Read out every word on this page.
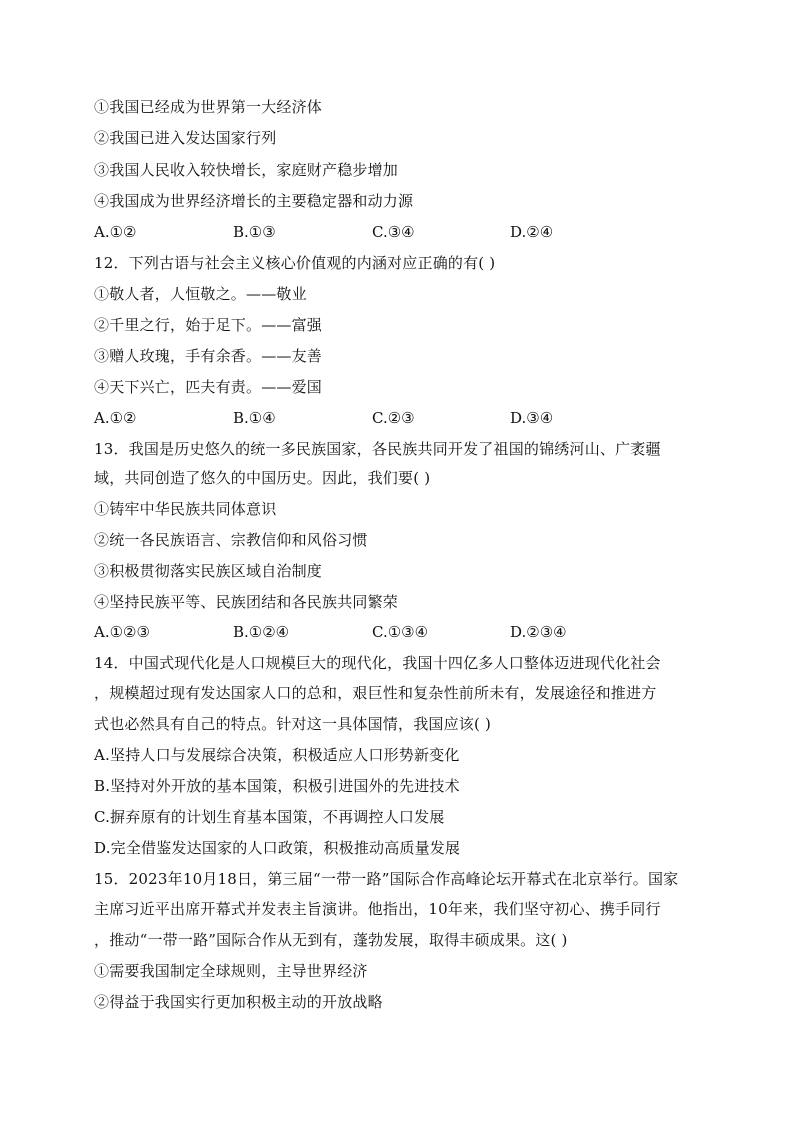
①我国已经成为世界第一大经济体
②我国已进入发达国家行列
③我国人民收入较快增长，家庭财产稳步增加
④我国成为世界经济增长的主要稳定器和动力源
A.①②	B.①③	C.③④	D.②④
12．下列古语与社会主义核心价值观的内涵对应正确的有( )
①敬人者，人恒敬之。——敬业
②千里之行，始于足下。——富强
③赠人玫瑰，手有余香。——友善
④天下兴亡，匹夫有责。——爱国
A.①②	B.①④	C.②③	D.③④
13．我国是历史悠久的统一多民族国家，各民族共同开发了祖国的锦绣河山、广袤疆
域，共同创造了悠久的中国历史。因此，我们要( )
①铸牢中华民族共同体意识
②统一各民族语言、宗教信仰和风俗习惯
③积极贯彻落实民族区域自治制度
④坚持民族平等、民族团结和各民族共同繁荣
A.①②③	B.①②④	C.①③④	D.②③④
14．中国式现代化是人口规模巨大的现代化，我国十四亿多人口整体迈进现代化社会
，规模超过现有发达国家人口的总和，艰巨性和复杂性前所未有，发展途径和推进方
式也必然具有自己的特点。针对这一具体国情，我国应该( )
A.坚持人口与发展综合决策，积极适应人口形势新变化
B.坚持对外开放的基本国策，积极引进国外的先进技术
C.摒弃原有的计划生育基本国策，不再调控人口发展
D.完全借鉴发达国家的人口政策，积极推动高质量发展
15．2023年10月18日，第三届“一带一路”国际合作高峰论坛开幕式在北京举行。国家
主席习近平出席开幕式并发表主旨演讲。他指出，10年来，我们坚守初心、携手同行
，推动“一带一路”国际合作从无到有，蓬勃发展，取得丰硕成果。这( )
①需要我国制定全球规则，主导世界经济
②得益于我国实行更加积极主动的开放战略
